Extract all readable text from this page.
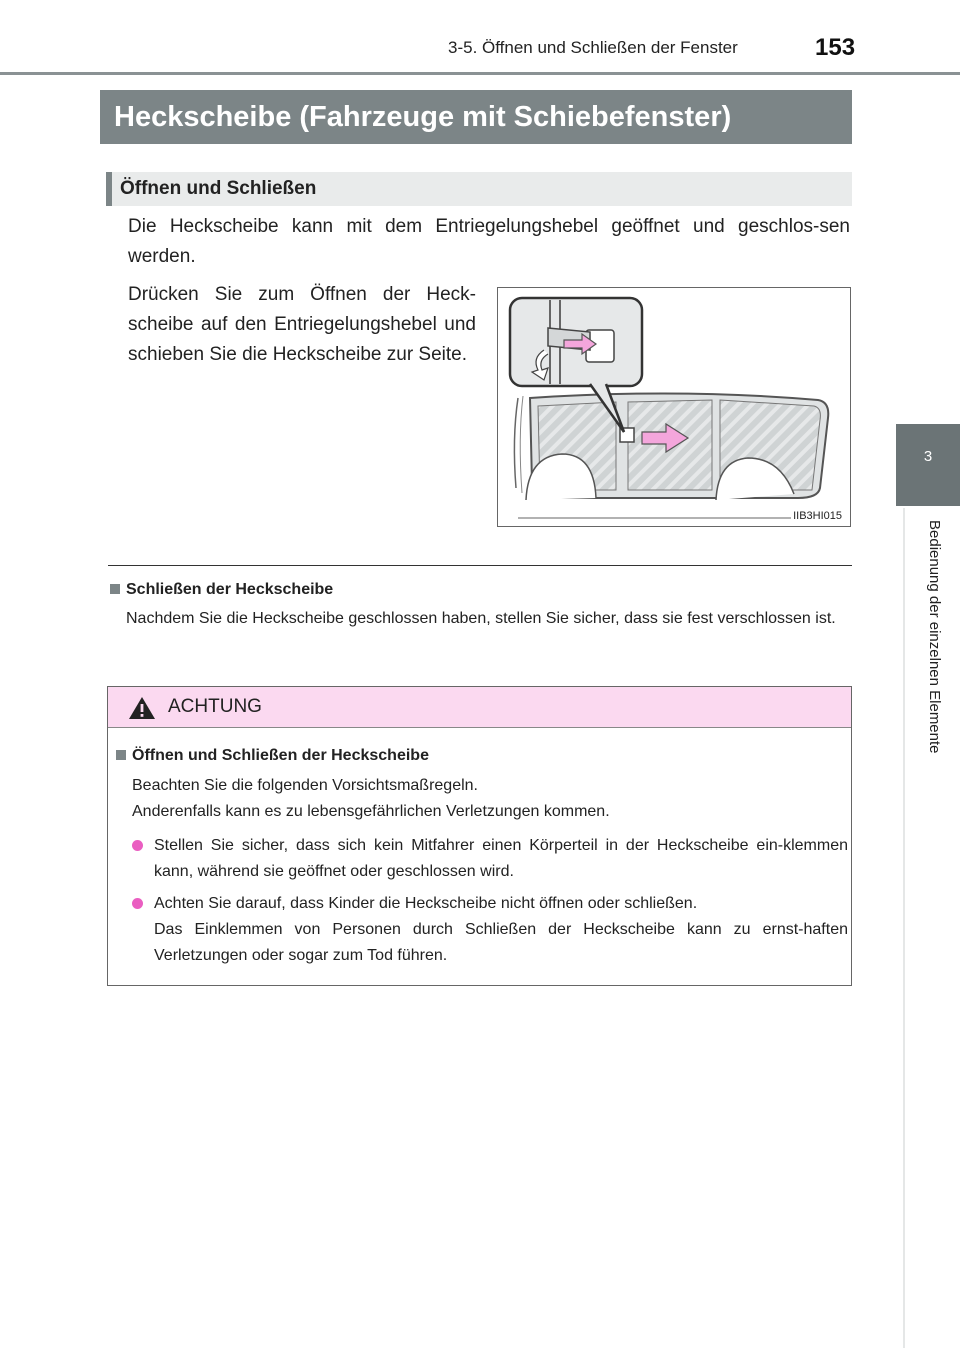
3-5. Öffnen und Schließen der Fenster	153
3
Bedienung der einzelnen Elemente
Heckscheibe (Fahrzeuge mit Schiebefenster)
Öffnen und Schließen
Die Heckscheibe kann mit dem Entriegelungshebel geöffnet und geschlos-sen werden.
Drücken Sie zum Öffnen der Heck-scheibe auf den Entriegelungshebel und schieben Sie die Heckscheibe zur Seite.
IIB3HI015
Schließen der Heckscheibe
Nachdem Sie die Heckscheibe geschlossen haben, stellen Sie sicher, dass sie fest verschlossen ist.
ACHTUNG
Öffnen und Schließen der Heckscheibe
Beachten Sie die folgenden Vorsichtsmaßregeln.
Anderenfalls kann es zu lebensgefährlichen Verletzungen kommen.
Stellen Sie sicher, dass sich kein Mitfahrer einen Körperteil in der Heckscheibe ein-klemmen kann, während sie geöffnet oder geschlossen wird.
Achten Sie darauf, dass Kinder die Heckscheibe nicht öffnen oder schließen.
Das Einklemmen von Personen durch Schließen der Heckscheibe kann zu ernst-haften Verletzungen oder sogar zum Tod führen.
